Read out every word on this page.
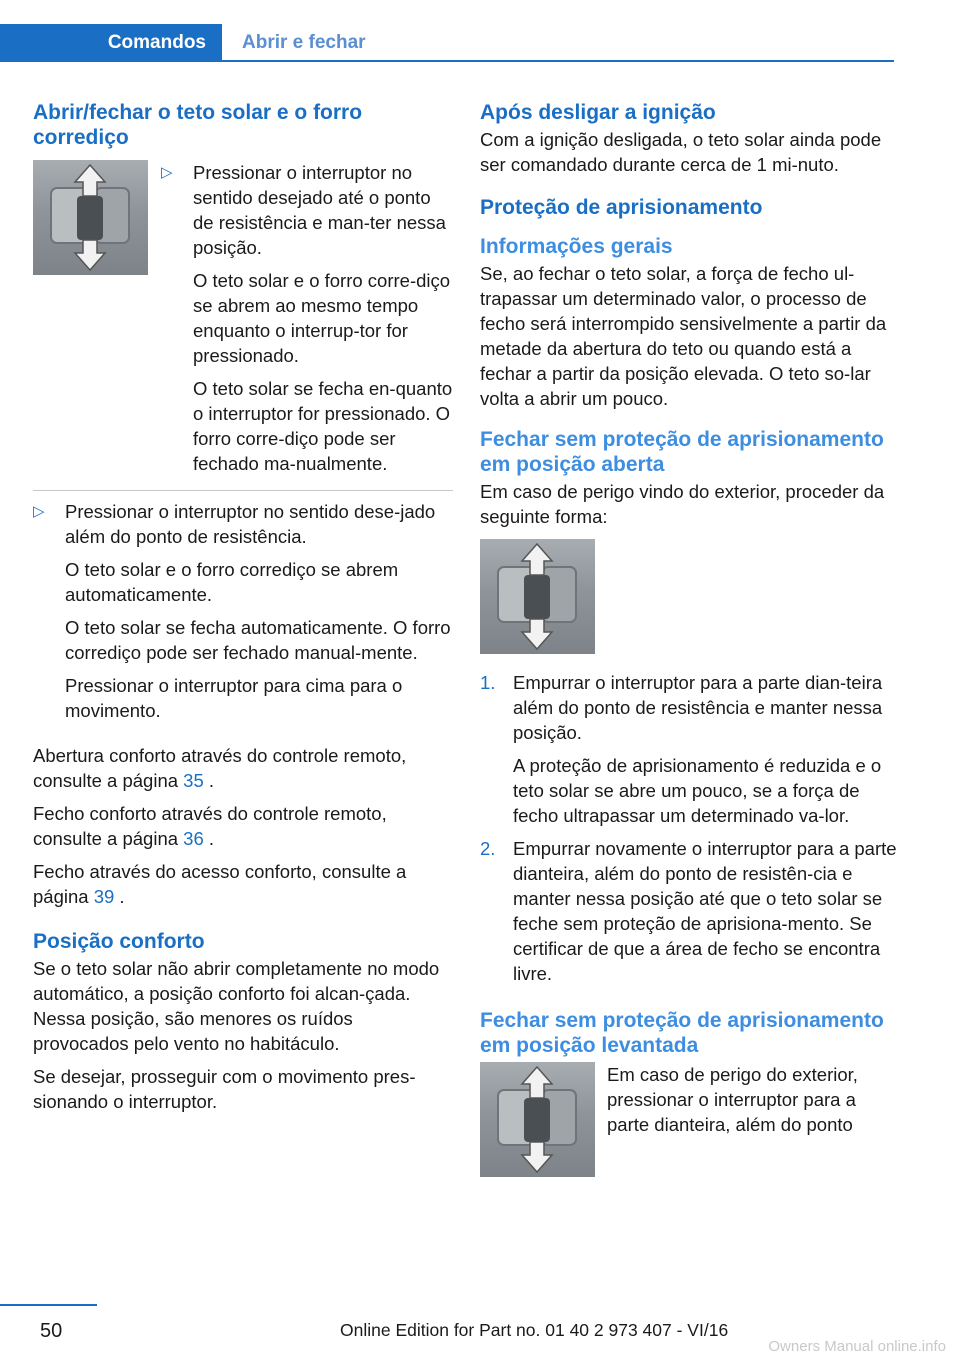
Comandos	Abrir e fechar
Abrir/fechar o teto solar e o forro corrediço
▷	Pressionar o interruptor no sentido desejado até o ponto de resistência e man-ter nessa posição.

O teto solar e o forro corre-diço se abrem ao mesmo tempo enquanto o interrup-tor for pressionado.

O teto solar se fecha en-quanto o interruptor for pressionado. O forro corre-diço pode ser fechado ma-nualmente.

▷	Pressionar o interruptor no sentido dese-jado além do ponto de resistência.

O teto solar e o forro corrediço se abrem automaticamente.

O teto solar se fecha automaticamente. O forro corrediço pode ser fechado manual-mente.

Pressionar o interruptor para cima para o movimento.

Abertura conforto através do controle remoto, consulte a página 35 .

Fecho conforto através do controle remoto, consulte a página 36 .

Fecho através do acesso conforto, consulte a página 39 .

Posição conforto

Se o teto solar não abrir completamente no modo automático, a posição conforto foi alcan-çada. Nessa posição, são menores os ruídos provocados pelo vento no habitáculo.

Se desejar, prosseguir com o movimento pres-sionando o interruptor.

Após desligar a ignição

Com a ignição desligada, o teto solar ainda pode ser comandado durante cerca de 1 mi-nuto.

Proteção de aprisionamento
Informações gerais

Se, ao fechar o teto solar, a força de fecho ul-trapassar um determinado valor, o processo de fecho será interrompido sensivelmente a partir da metade da abertura do teto ou quando está a fechar a partir da posição elevada. O teto so-lar volta a abrir um pouco.

Fechar sem proteção de aprisionamento em posição aberta

Em caso de perigo vindo do exterior, proceder da seguinte forma:

1. Empurrar o interruptor para a parte dian-teira além do ponto de resistência e manter nessa posição.

A proteção de aprisionamento é reduzida e o teto solar se abre um pouco, se a força de fecho ultrapassar um determinado va-lor.

2. Empurrar novamente o interruptor para a parte dianteira, além do ponto de resistên-cia e manter nessa posição até que o teto solar se feche sem proteção de aprisiona-mento. Se certificar de que a área de fecho se encontra livre.

Fechar sem proteção de aprisionamento em posição levantada

Em caso de perigo do exterior, pressionar o interruptor para a parte dianteira, além do ponto

50	Online Edition for Part no. 01 40 2 973 407 - VI/16
Owners Manual online.info
